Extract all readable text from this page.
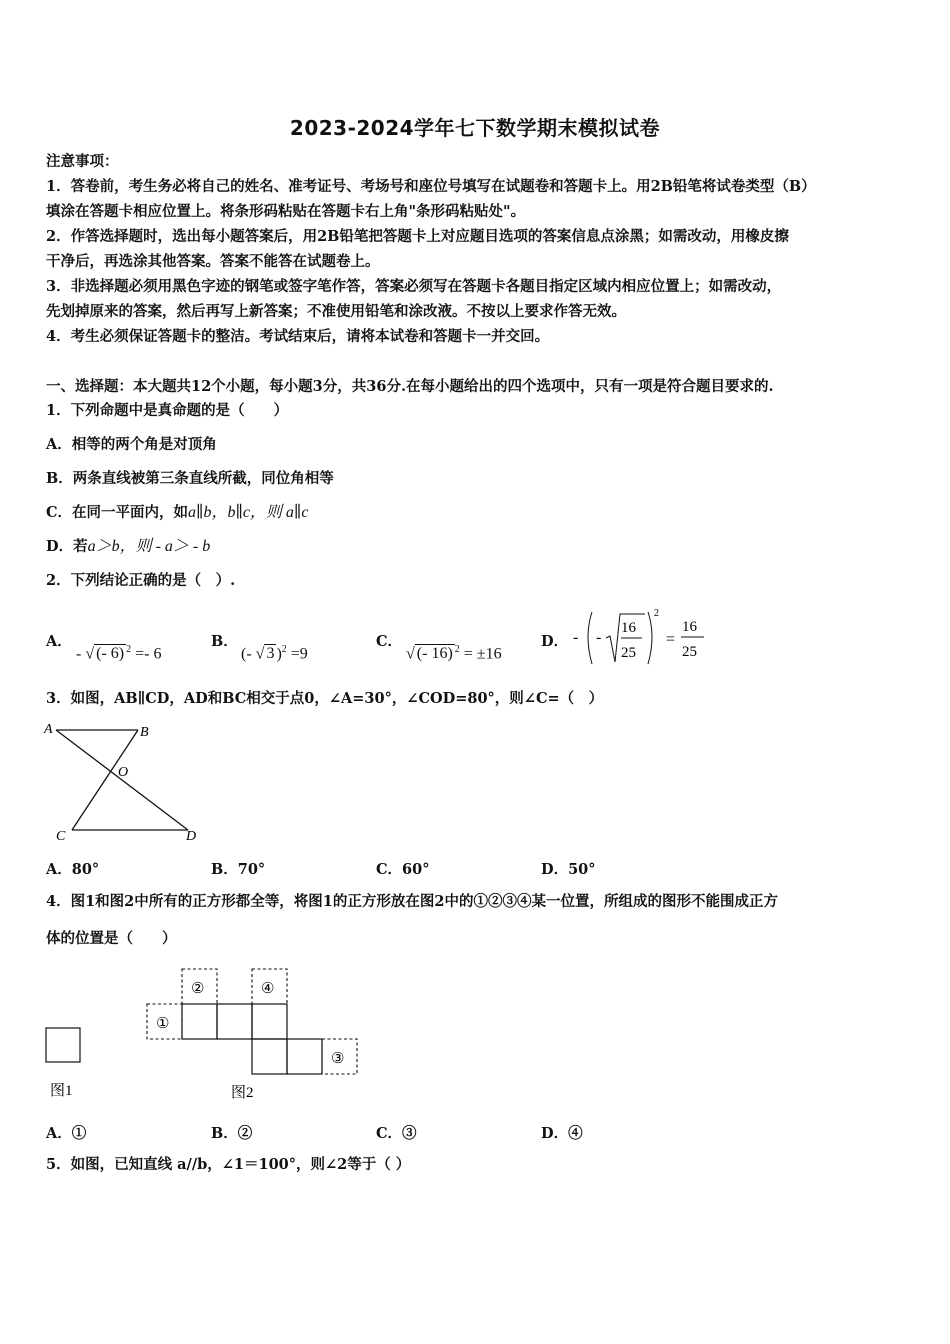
2023-2024学年七下数学期末模拟试卷
注意事项：
1．答卷前，考生务必将自己的姓名、准考证号、考场号和座位号填写在试题卷和答题卡上。用2B铅笔将试卷类型（B）
填涂在答题卡相应位置上。将条形码粘贴在答题卡右上角"条形码粘贴处"。
2．作答选择题时，选出每小题答案后，用2B铅笔把答题卡上对应题目选项的答案信息点涂黑；如需改动，用橡皮擦
干净后，再选涂其他答案。答案不能答在试题卷上。
3．非选择题必须用黑色字迹的钢笔或签字笔作答，答案必须写在答题卡各题目指定区域内相应位置上；如需改动，
先划掉原来的答案，然后再写上新答案；不准使用铅笔和涂改液。不按以上要求作答无效。
4．考生必须保证答题卡的整洁。考试结束后，请将本试卷和答题卡一并交回。
一、选择题：本大题共12个小题，每小题3分，共36分.在每小题给出的四个选项中，只有一项是符合题目要求的.
1．下列命题中是真命题的是（　　）
A．相等的两个角是对顶角
B．两条直线被第三条直线所截，同位角相等
C．在同一平面内，如a∥b，b∥c，则 a∥c
D．若a＞b，则 - a＞ - b
2．下列结论正确的是（　）.
A．
- √ (- 6) $^2$ =- 6
B．
(- √ 3 )$^2$ =9
C．
√ (- 16) $^2$ = ±16
D． - -
16
25
2
=
16
25
3．如图，AB∥CD，AD和BC相交于点0，∠A=30°，∠COD=80°，则∠C=（　）
A	B
O
C	D
A．80°	B．70°	C．60°	D．50°
4．图1和图2中所有的正方形都全等，将图1的正方形放在图2中的①②③④某一位置，所组成的图形不能围成正方
体的位置是（　　）
图1
①
②	④
③
图2
A．①	B．②	C．③	D．④
5．如图，已知直线 a//b，∠1＝100°，则∠2等于（ ）
